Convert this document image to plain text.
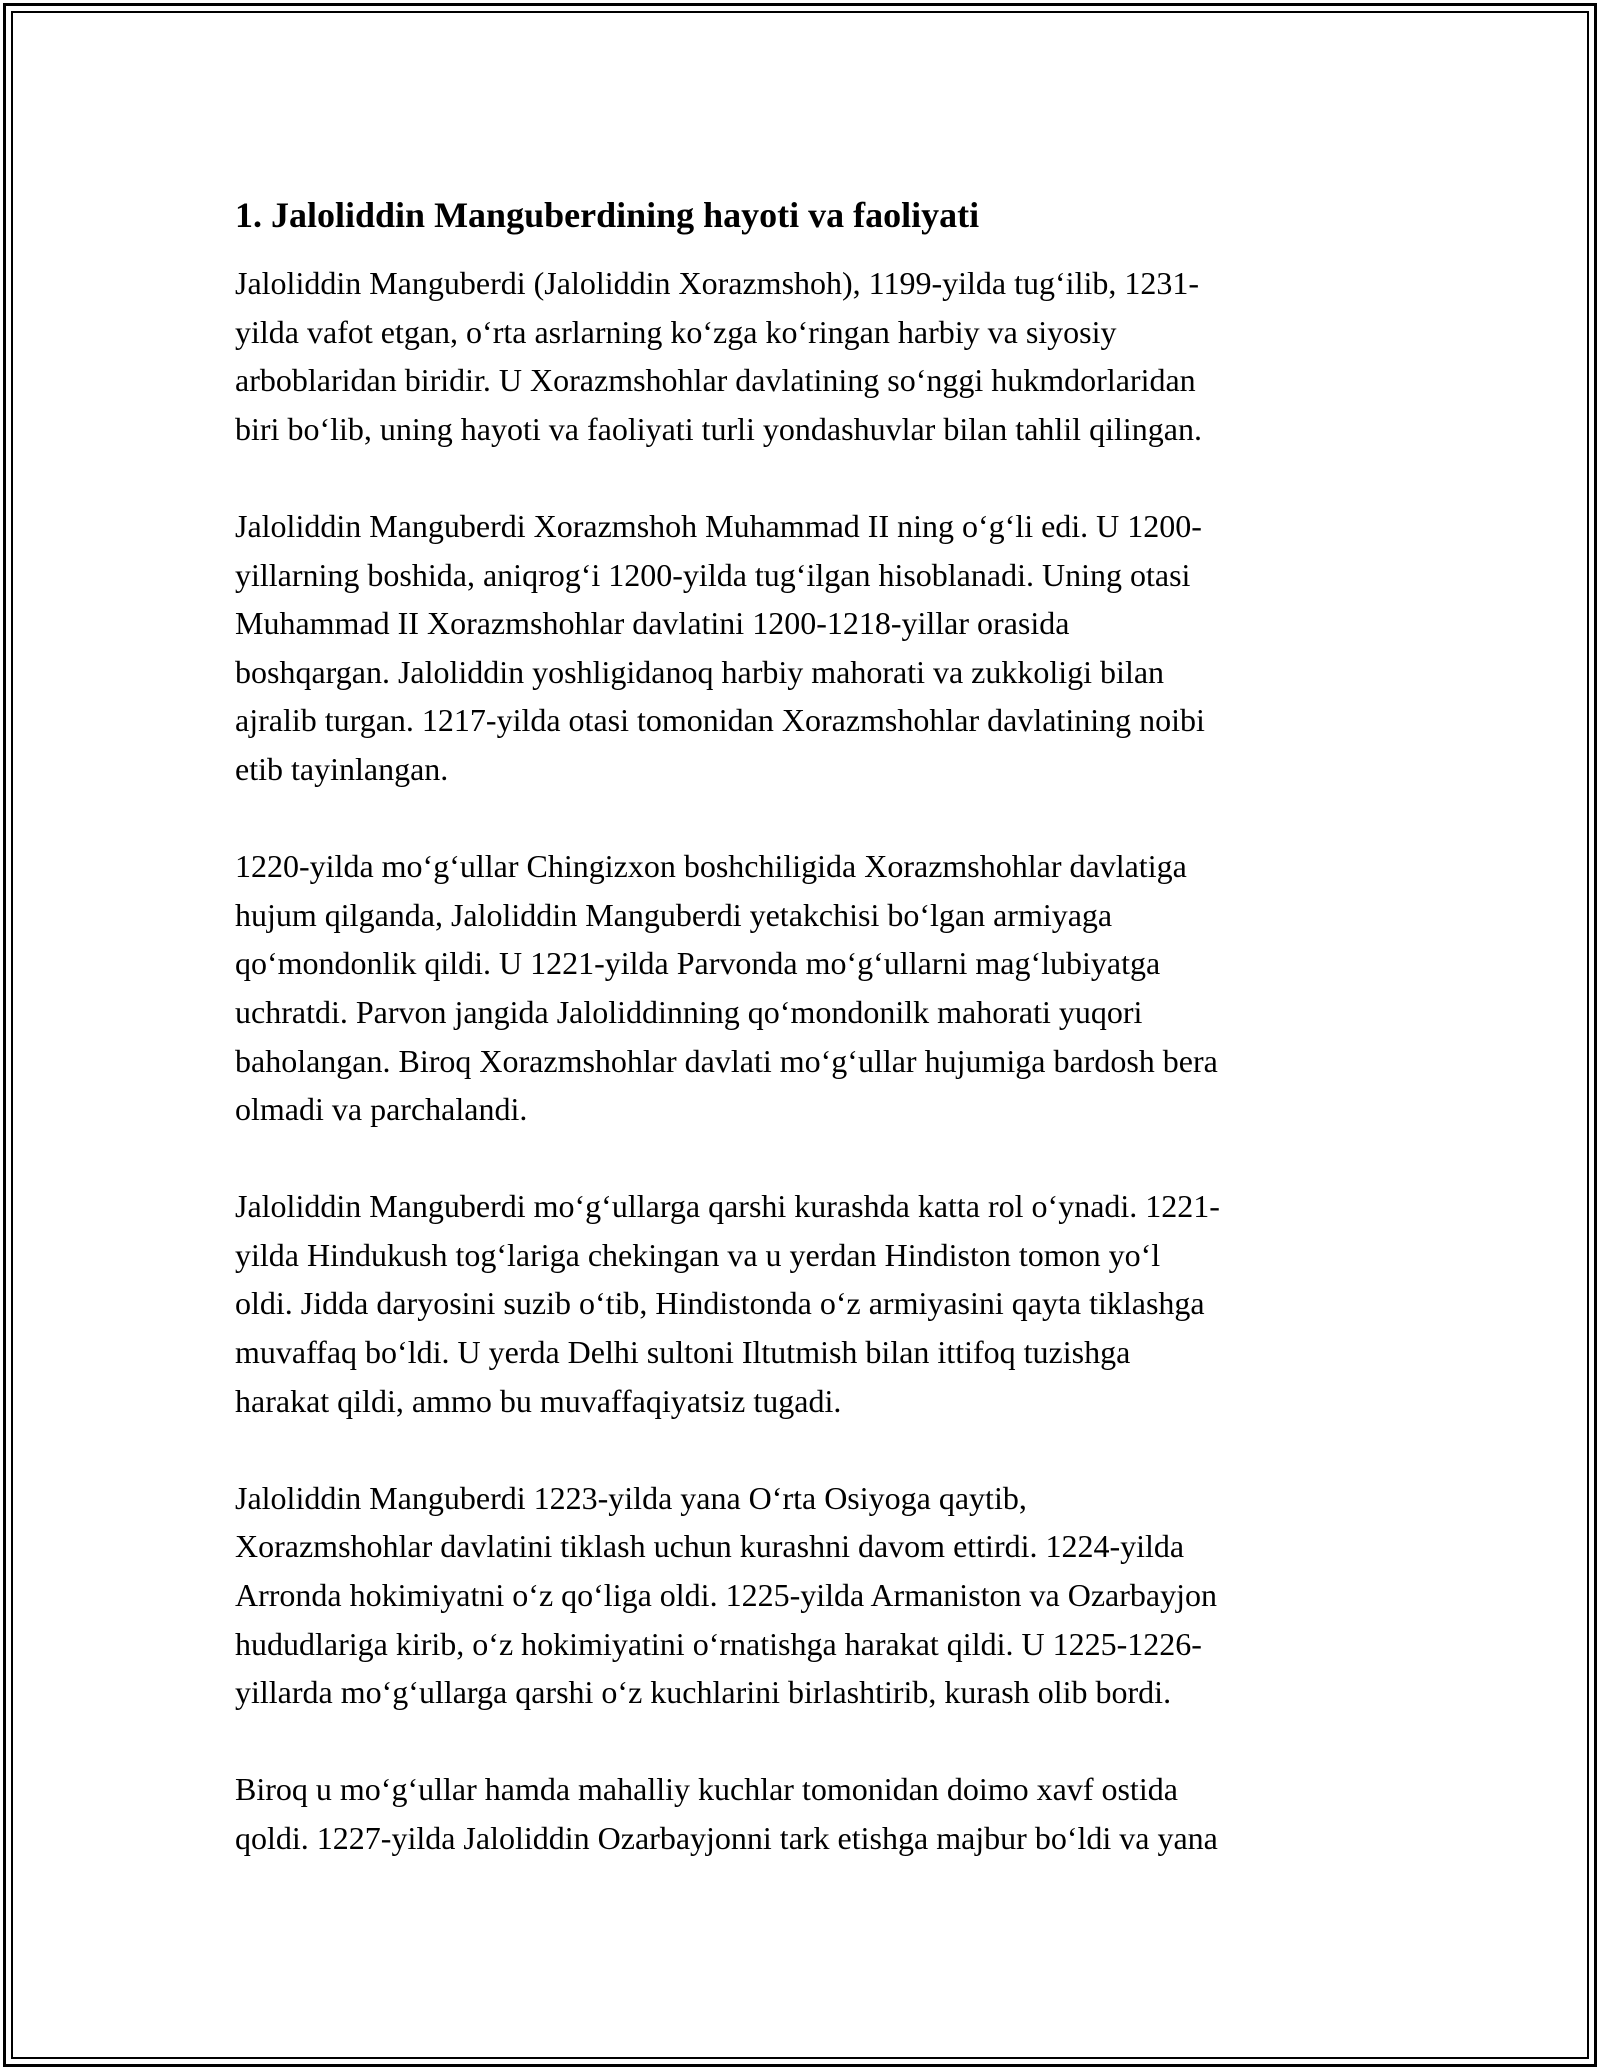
1. Jaloliddin Manguberdining hayoti va faoliyati

Jaloliddin Manguberdi (Jaloliddin Xorazmshoh), 1199-yilda tug‘ilib, 1231-
yilda vafot etgan, o‘rta asrlarning ko‘zga ko‘ringan harbiy va siyosiy
arboblaridan biridir. U Xorazmshohlar davlatining so‘nggi hukmdorlaridan
biri bo‘lib, uning hayoti va faoliyati turli yondashuvlar bilan tahlil qilingan.

Jaloliddin Manguberdi Xorazmshoh Muhammad II ning o‘g‘li edi. U 1200-
yillarning boshida, aniqrog‘i 1200-yilda tug‘ilgan hisoblanadi. Uning otasi
Muhammad II Xorazmshohlar davlatini 1200-1218-yillar orasida
boshqargan. Jaloliddin yoshligidanoq harbiy mahorati va zukkoligi bilan
ajralib turgan. 1217-yilda otasi tomonidan Xorazmshohlar davlatining noibi
etib tayinlangan.

1220-yilda mo‘g‘ullar Chingizxon boshchiligida Xorazmshohlar davlatiga
hujum qilganda, Jaloliddin Manguberdi yetakchisi bo‘lgan armiyaga
qo‘mondonlik qildi. U 1221-yilda Parvonda mo‘g‘ullarni mag‘lubiyatga
uchratdi. Parvon jangida Jaloliddinning qo‘mondonilk mahorati yuqori
baholangan. Biroq Xorazmshohlar davlati mo‘g‘ullar hujumiga bardosh bera
olmadi va parchalandi.

Jaloliddin Manguberdi mo‘g‘ullarga qarshi kurashda katta rol o‘ynadi. 1221-
yilda Hindukush tog‘lariga chekingan va u yerdan Hindiston tomon yo‘l
oldi. Jidda daryosini suzib o‘tib, Hindistonda o‘z armiyasini qayta tiklashga
muvaffaq bo‘ldi. U yerda Delhi sultoni Iltutmish bilan ittifoq tuzishga
harakat qildi, ammo bu muvaffaqiyatsiz tugadi.

Jaloliddin Manguberdi 1223-yilda yana O‘rta Osiyoga qaytib,
Xorazmshohlar davlatini tiklash uchun kurashni davom ettirdi. 1224-yilda
Arronda hokimiyatni o‘z qo‘liga oldi. 1225-yilda Armaniston va Ozarbayjon
hududlariga kirib, o‘z hokimiyatini o‘rnatishga harakat qildi. U 1225-1226-
yillarda mo‘g‘ullarga qarshi o‘z kuchlarini birlashtirib, kurash olib bordi.

Biroq u mo‘g‘ullar hamda mahalliy kuchlar tomonidan doimo xavf ostida
qoldi. 1227-yilda Jaloliddin Ozarbayjonni tark etishga majbur bo‘ldi va yana
